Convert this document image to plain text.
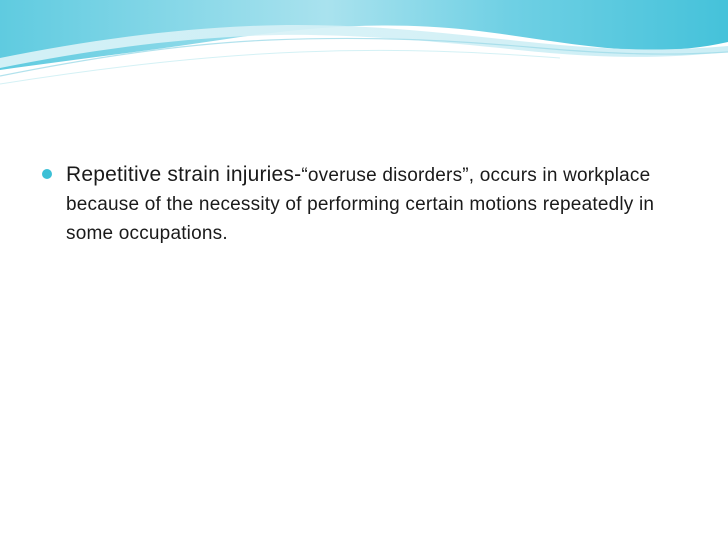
Repetitive strain injuries-“overuse disorders”, occurs in workplace because of the necessity of performing certain motions repeatedly in some occupations.
